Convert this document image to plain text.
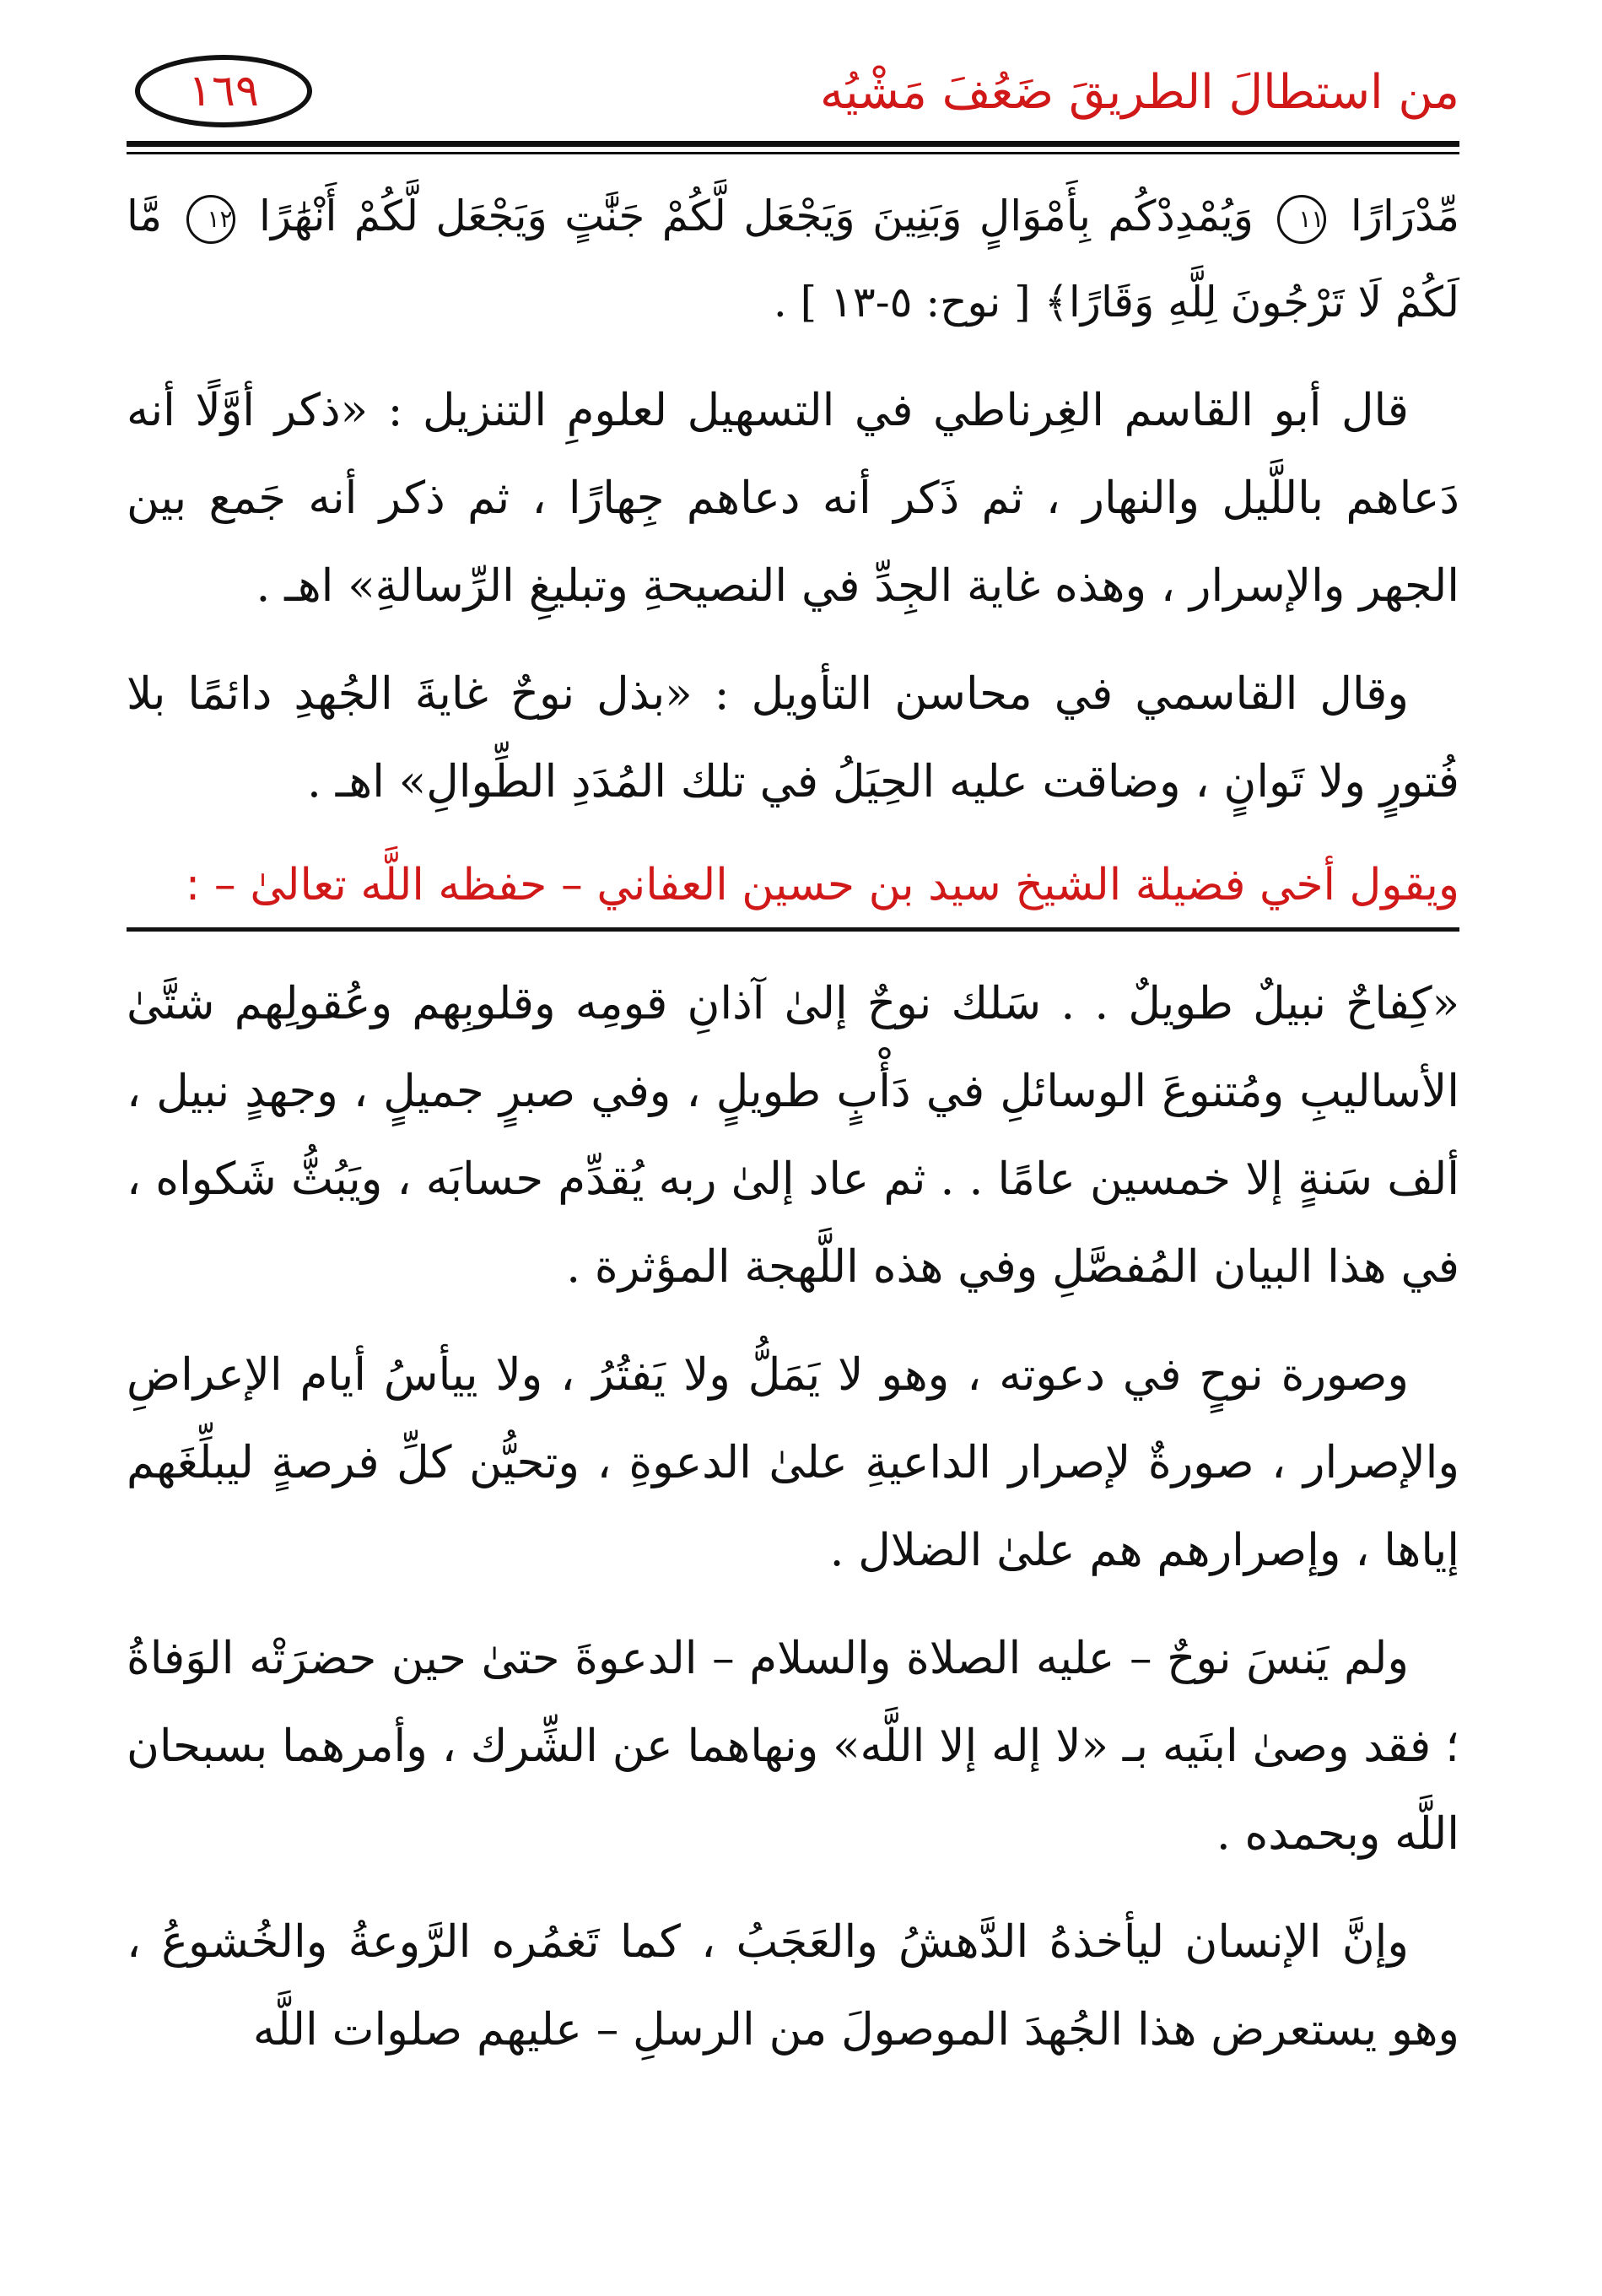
من استطالَ الطريقَ ضَعُفَ مَشْيُه
١٦٩

مِّدْرَارًا ١١ وَيُمْدِدْكُم بِأَمْوَالٍ وَبَنِينَ وَيَجْعَل لَّكُمْ جَنَّٰتٍ وَيَجْعَل لَّكُمْ أَنْهَٰرًا ١٢ مَّا لَكُمْ لَا تَرْجُونَ لِلَّهِ وَقَارًا﴾ [ نوح: ٥-١٣ ] .

قال أبو القاسم الغِرناطي في التسهيل لعلومِ التنزيل : «ذكر أوَّلًا أنه دَعاهم باللَّيل والنهار ، ثم ذَكر أنه دعاهم جِهارًا ، ثم ذكر أنه جَمع بين الجهر والإسرار ، وهذه غاية الجِدِّ في النصيحةِ وتبليغِ الرِّسالةِ» اهـ .

وقال القاسمي في محاسن التأويل : «بذل نوحٌ غايةَ الجُهدِ دائمًا بلا فُتورٍ ولا تَوانٍ ، وضاقت عليه الحِيَلُ في تلك المُدَدِ الطِّوالِ» اهـ .

ويقول أخي فضيلة الشيخ سيد بن حسين العفاني – حفظه اللَّه تعالىٰ – :

«كِفاحٌ نبيلٌ طويلٌ . . سَلك نوحٌ إلىٰ آذانِ قومِه وقلوبِهم وعُقولِهم شتَّىٰ الأساليبِ ومُتنوعَ الوسائلِ في دَأْبٍ طويلٍ ، وفي صبرٍ جميلٍ ، وجهدٍ نبيل ، ألف سَنةٍ إلا خمسين عامًا . . ثم عاد إلىٰ ربه يُقدِّم حسابَه ، ويَبُثُّ شَكواه ، في هذا البيان المُفصَّلِ وفي هذه اللَّهجة المؤثرة .

وصورة نوحٍ في دعوته ، وهو لا يَمَلُّ ولا يَفتُرُ ، ولا ييأسُ أيام الإعراضِ والإصرار ، صورةٌ لإصرار الداعيةِ علىٰ الدعوةِ ، وتحيُّن كلِّ فرصةٍ ليبلِّغَهم إياها ، وإصرارهم هم علىٰ الضلال .

ولم يَنسَ نوحٌ – عليه الصلاة والسلام – الدعوةَ حتىٰ حين حضرَتْه الوَفاةُ ؛ فقد وصىٰ ابنَيه بـ «لا إله إلا اللَّه» ونهاهما عن الشِّرك ، وأمرهما بسبحان اللَّه وبحمده .

وإنَّ الإنسان ليأخذهُ الدَّهشُ والعَجَبُ ، كما تَغمُره الرَّوعةُ والخُشوعُ ، وهو يستعرض هذا الجُهدَ الموصولَ من الرسلِ – عليهم صلوات اللَّه
